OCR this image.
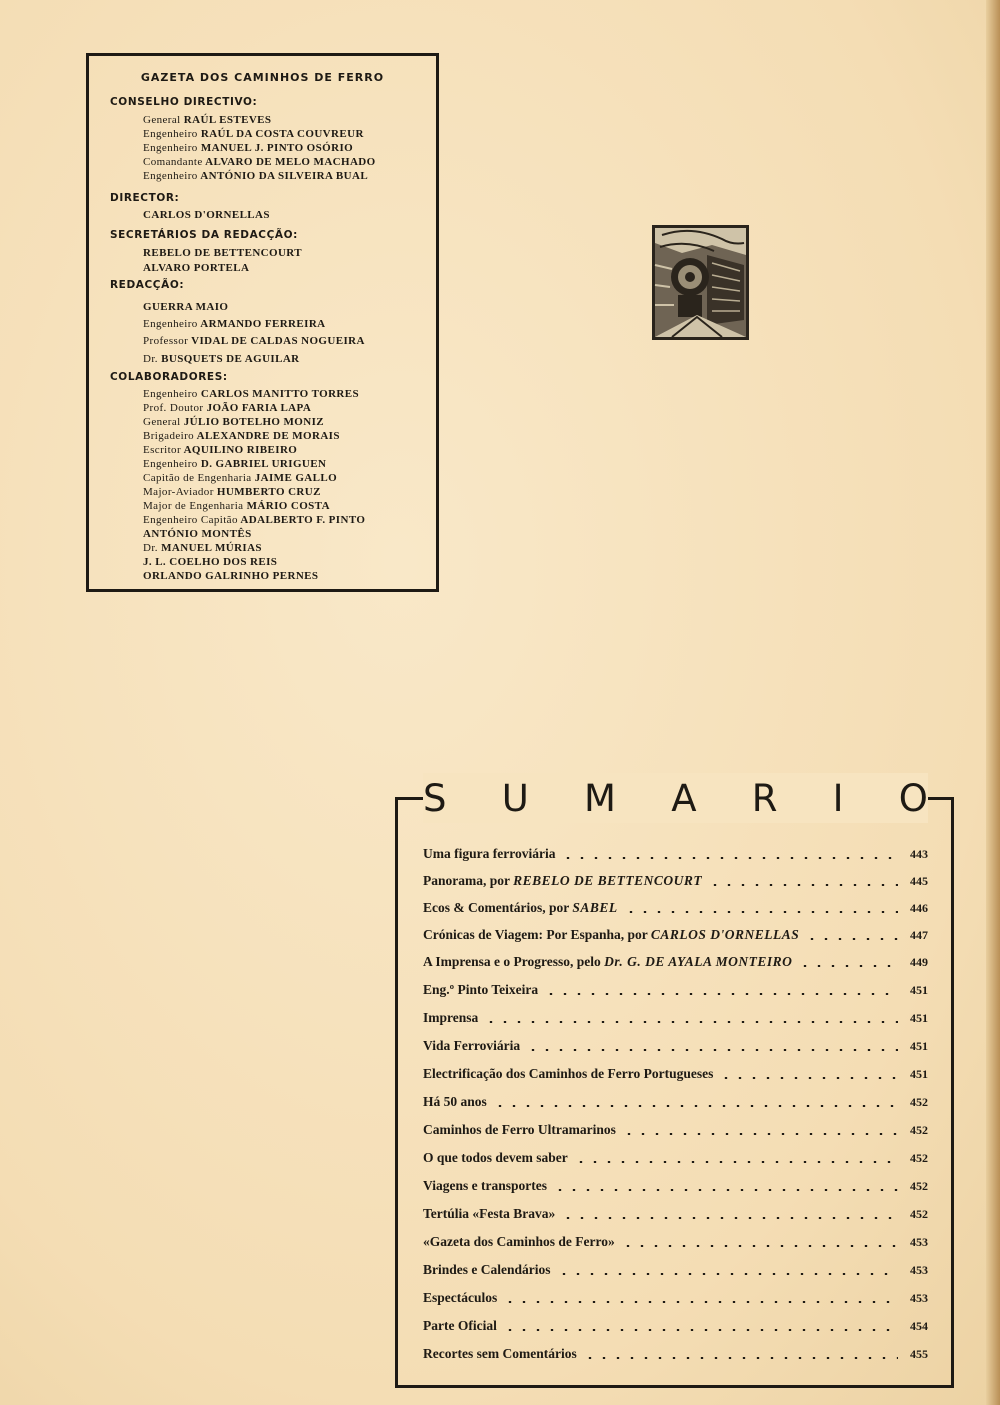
GAZETA DOS CAMINHOS DE FERRO
CONSELHO DIRECTIVO:
General RAÚL ESTEVES
Engenheiro RAÚL DA COSTA COUVREUR
Engenheiro MANUEL J. PINTO OSÓRIO
Comandante ALVARO DE MELO MACHADO
Engenheiro ANTÓNIO DA SILVEIRA BUAL
DIRECTOR:
CARLOS D'ORNELLAS
SECRETÁRIOS DA REDACÇÃO:
REBELO DE BETTENCOURT
ALVARO PORTELA
REDACÇÃO:
GUERRA MAIO
Engenheiro ARMANDO FERREIRA
Professor VIDAL DE CALDAS NOGUEIRA
Dr. BUSQUETS DE AGUILAR
COLABORADORES:
Engenheiro CARLOS MANITTO TORRES
Prof. Doutor JOÃO FARIA LAPA
General JÚLIO BOTELHO MONIZ
Brigadeiro ALEXANDRE DE MORAIS
Escritor AQUILINO RIBEIRO
Engenheiro D. GABRIEL URIGUEN
Capitão de Engenharia JAIME GALLO
Major-Aviador HUMBERTO CRUZ
Major de Engenharia MÁRIO COSTA
Engenheiro Capitão ADALBERTO F. PINTO
ANTÓNIO MONTÊS
Dr. MANUEL MÚRIAS
J. L. COELHO DOS REIS
ORLANDO GALRINHO PERNES
S U M A R I O
Uma figura ferroviária	443
Panorama, por REBELO DE BETTENCOURT	445
Ecos & Comentários, por SABEL	446
Crónicas de Viagem: Por Espanha, por CARLOS D'ORNELLAS	447
A Imprensa e o Progresso, pelo Dr. G. DE AYALA MONTEIRO	449
Eng.º Pinto Teixeira	451
Imprensa	451
Vida Ferroviária	451
Electrificação dos Caminhos de Ferro Portugueses	451
Há 50 anos	452
Caminhos de Ferro Ultramarinos	452
O que todos devem saber	452
Viagens e transportes	452
Tertúlia «Festa Brava»	452
«Gazeta dos Caminhos de Ferro»	453
Brindes e Calendários	453
Espectáculos	453
Parte Oficial	454
Recortes sem Comentários	455
